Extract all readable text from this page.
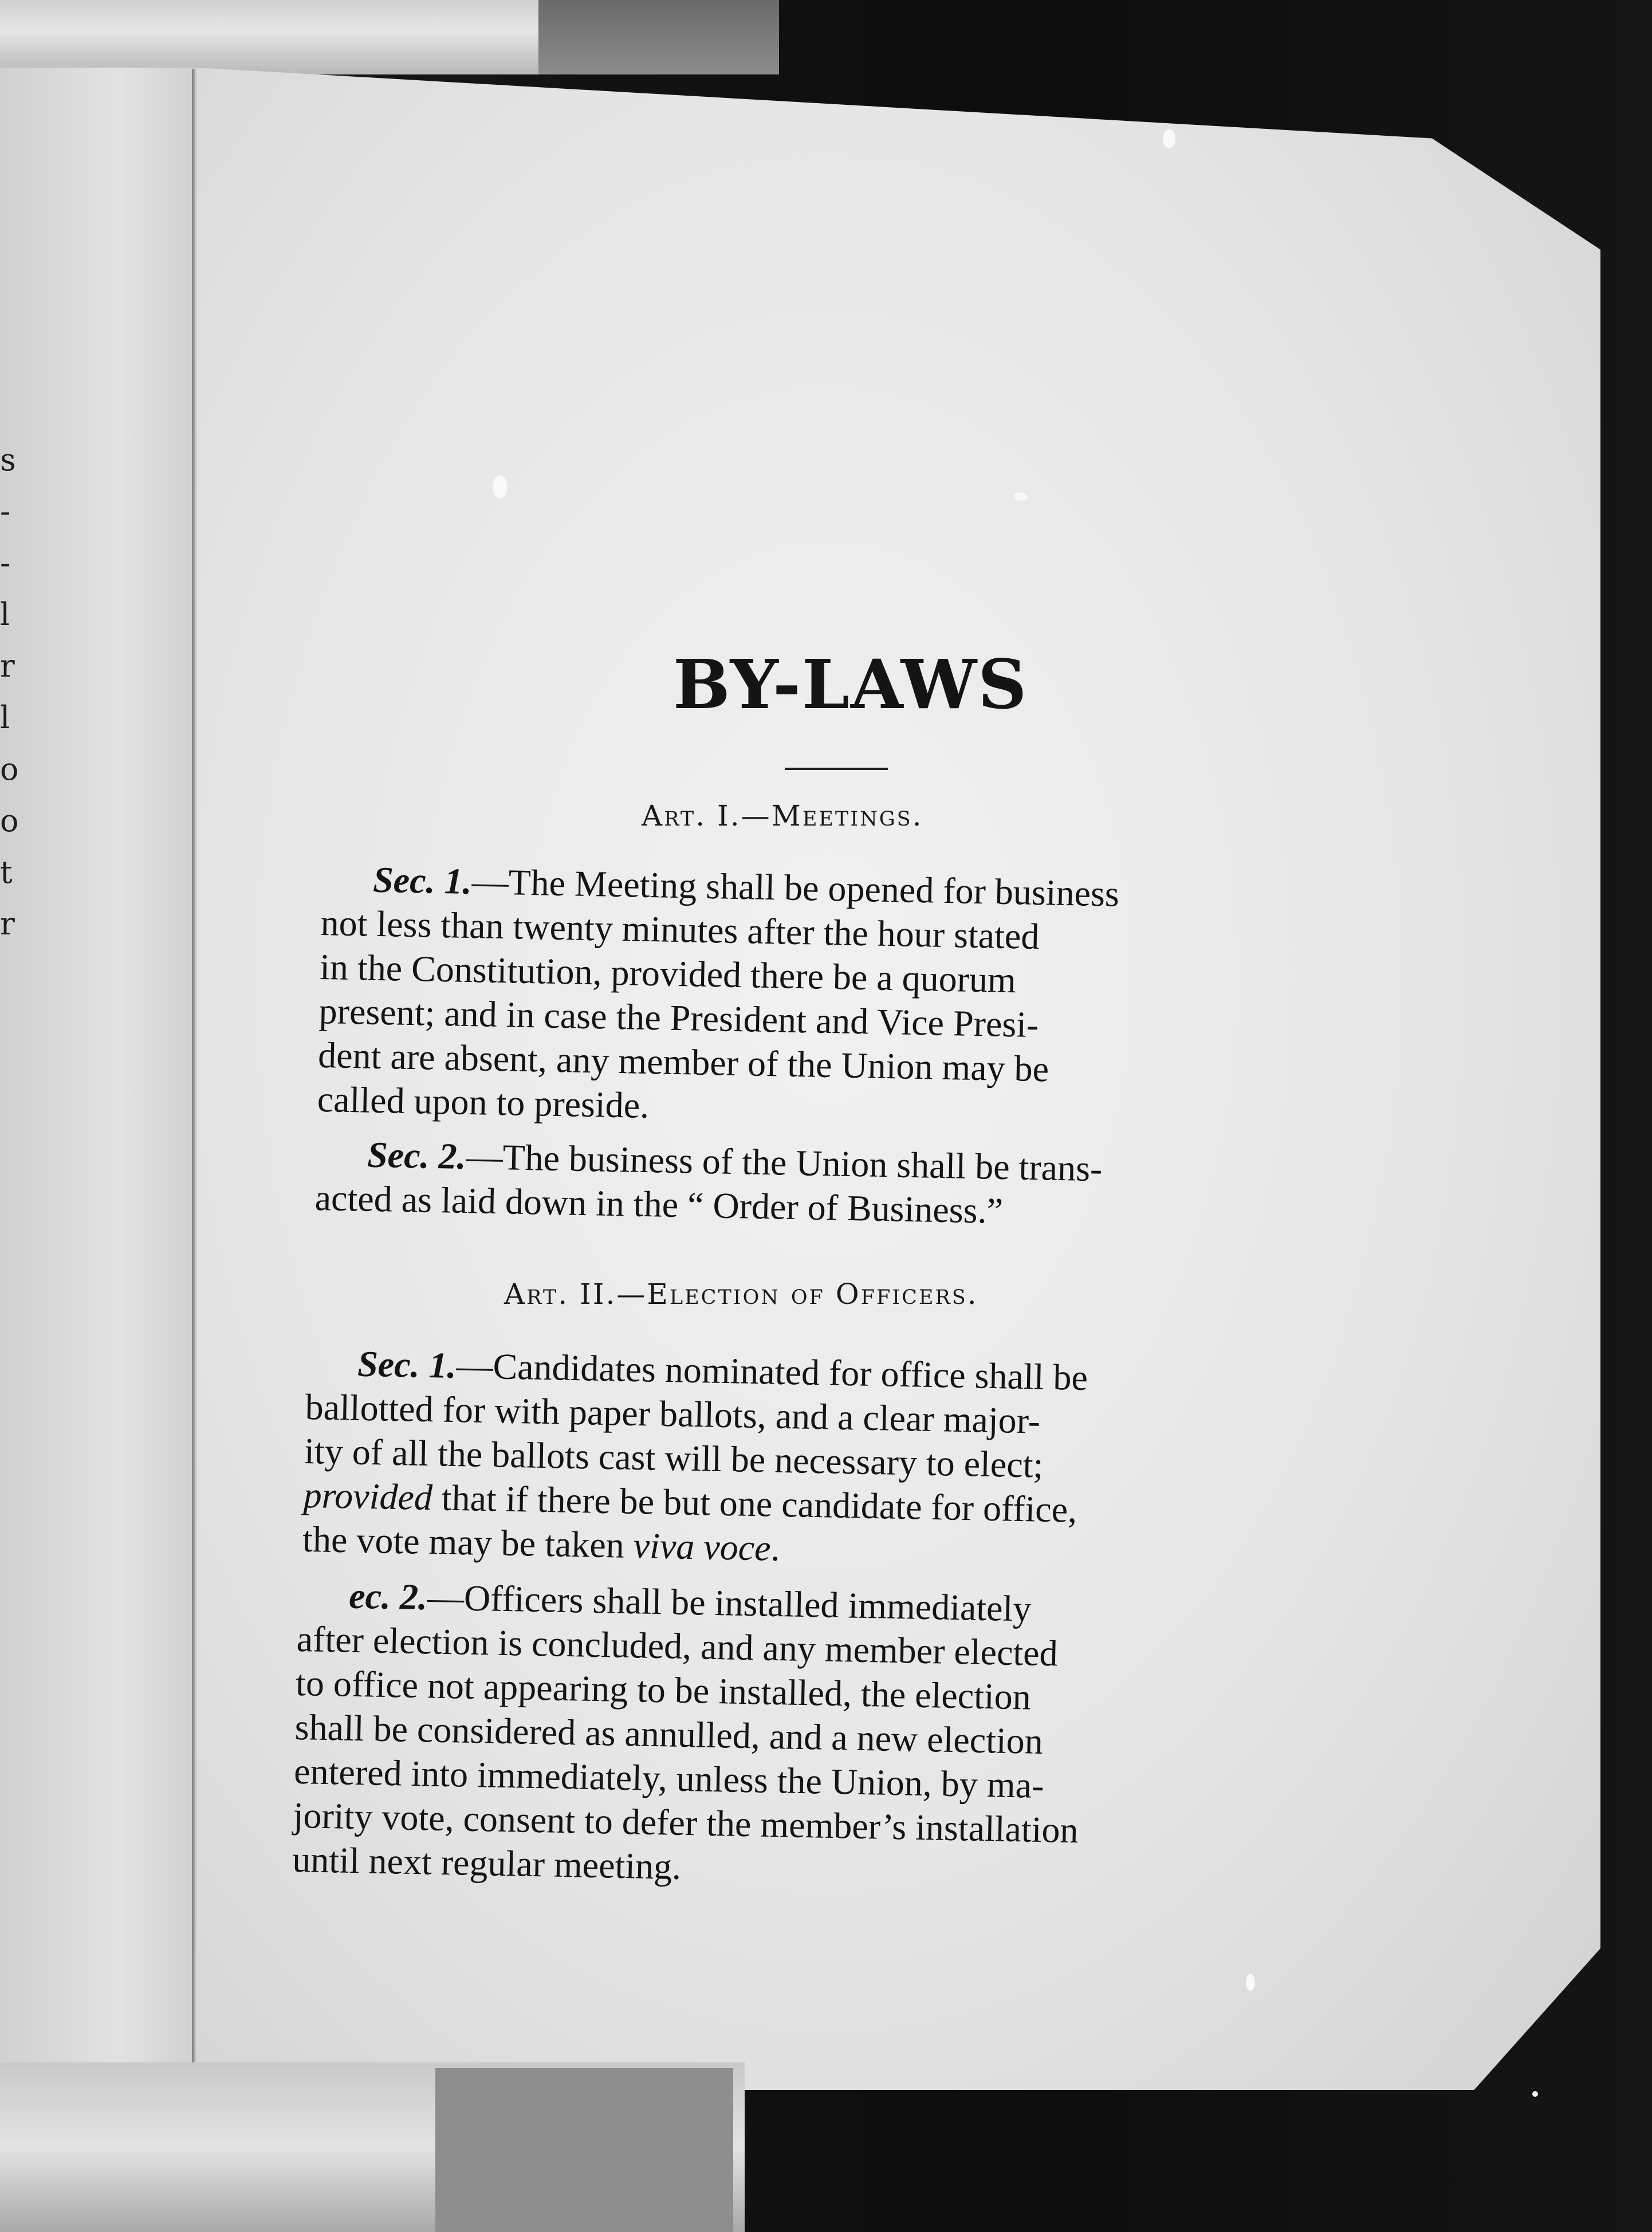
s
-
-
l
r
l
o
o
t
r
BY-LAWS
Art. I.—Meetings.
Sec. 1.—The Meeting shall be opened for business
not less than twenty minutes after the hour stated
in the Constitution, provided there be a quorum
present; and in case the President and Vice Presi-
dent are absent, any member of the Union may be
called upon to preside.
Sec. 2.—The business of the Union shall be trans-
acted as laid down in the “ Order of Business.”
Art. II.—Election of Officers.
Sec. 1.—Candidates nominated for office shall be
ballotted for with paper ballots, and a clear major-
ity of all the ballots cast will be necessary to elect;
provided that if there be but one candidate for office,
the vote may be taken viva voce.
ec. 2.—Officers shall be installed immediately
after election is concluded, and any member elected
to office not appearing to be installed, the election
shall be considered as annulled, and a new election
entered into immediately, unless the Union, by ma-
jority vote, consent to defer the member’s installation
until next regular meeting.
